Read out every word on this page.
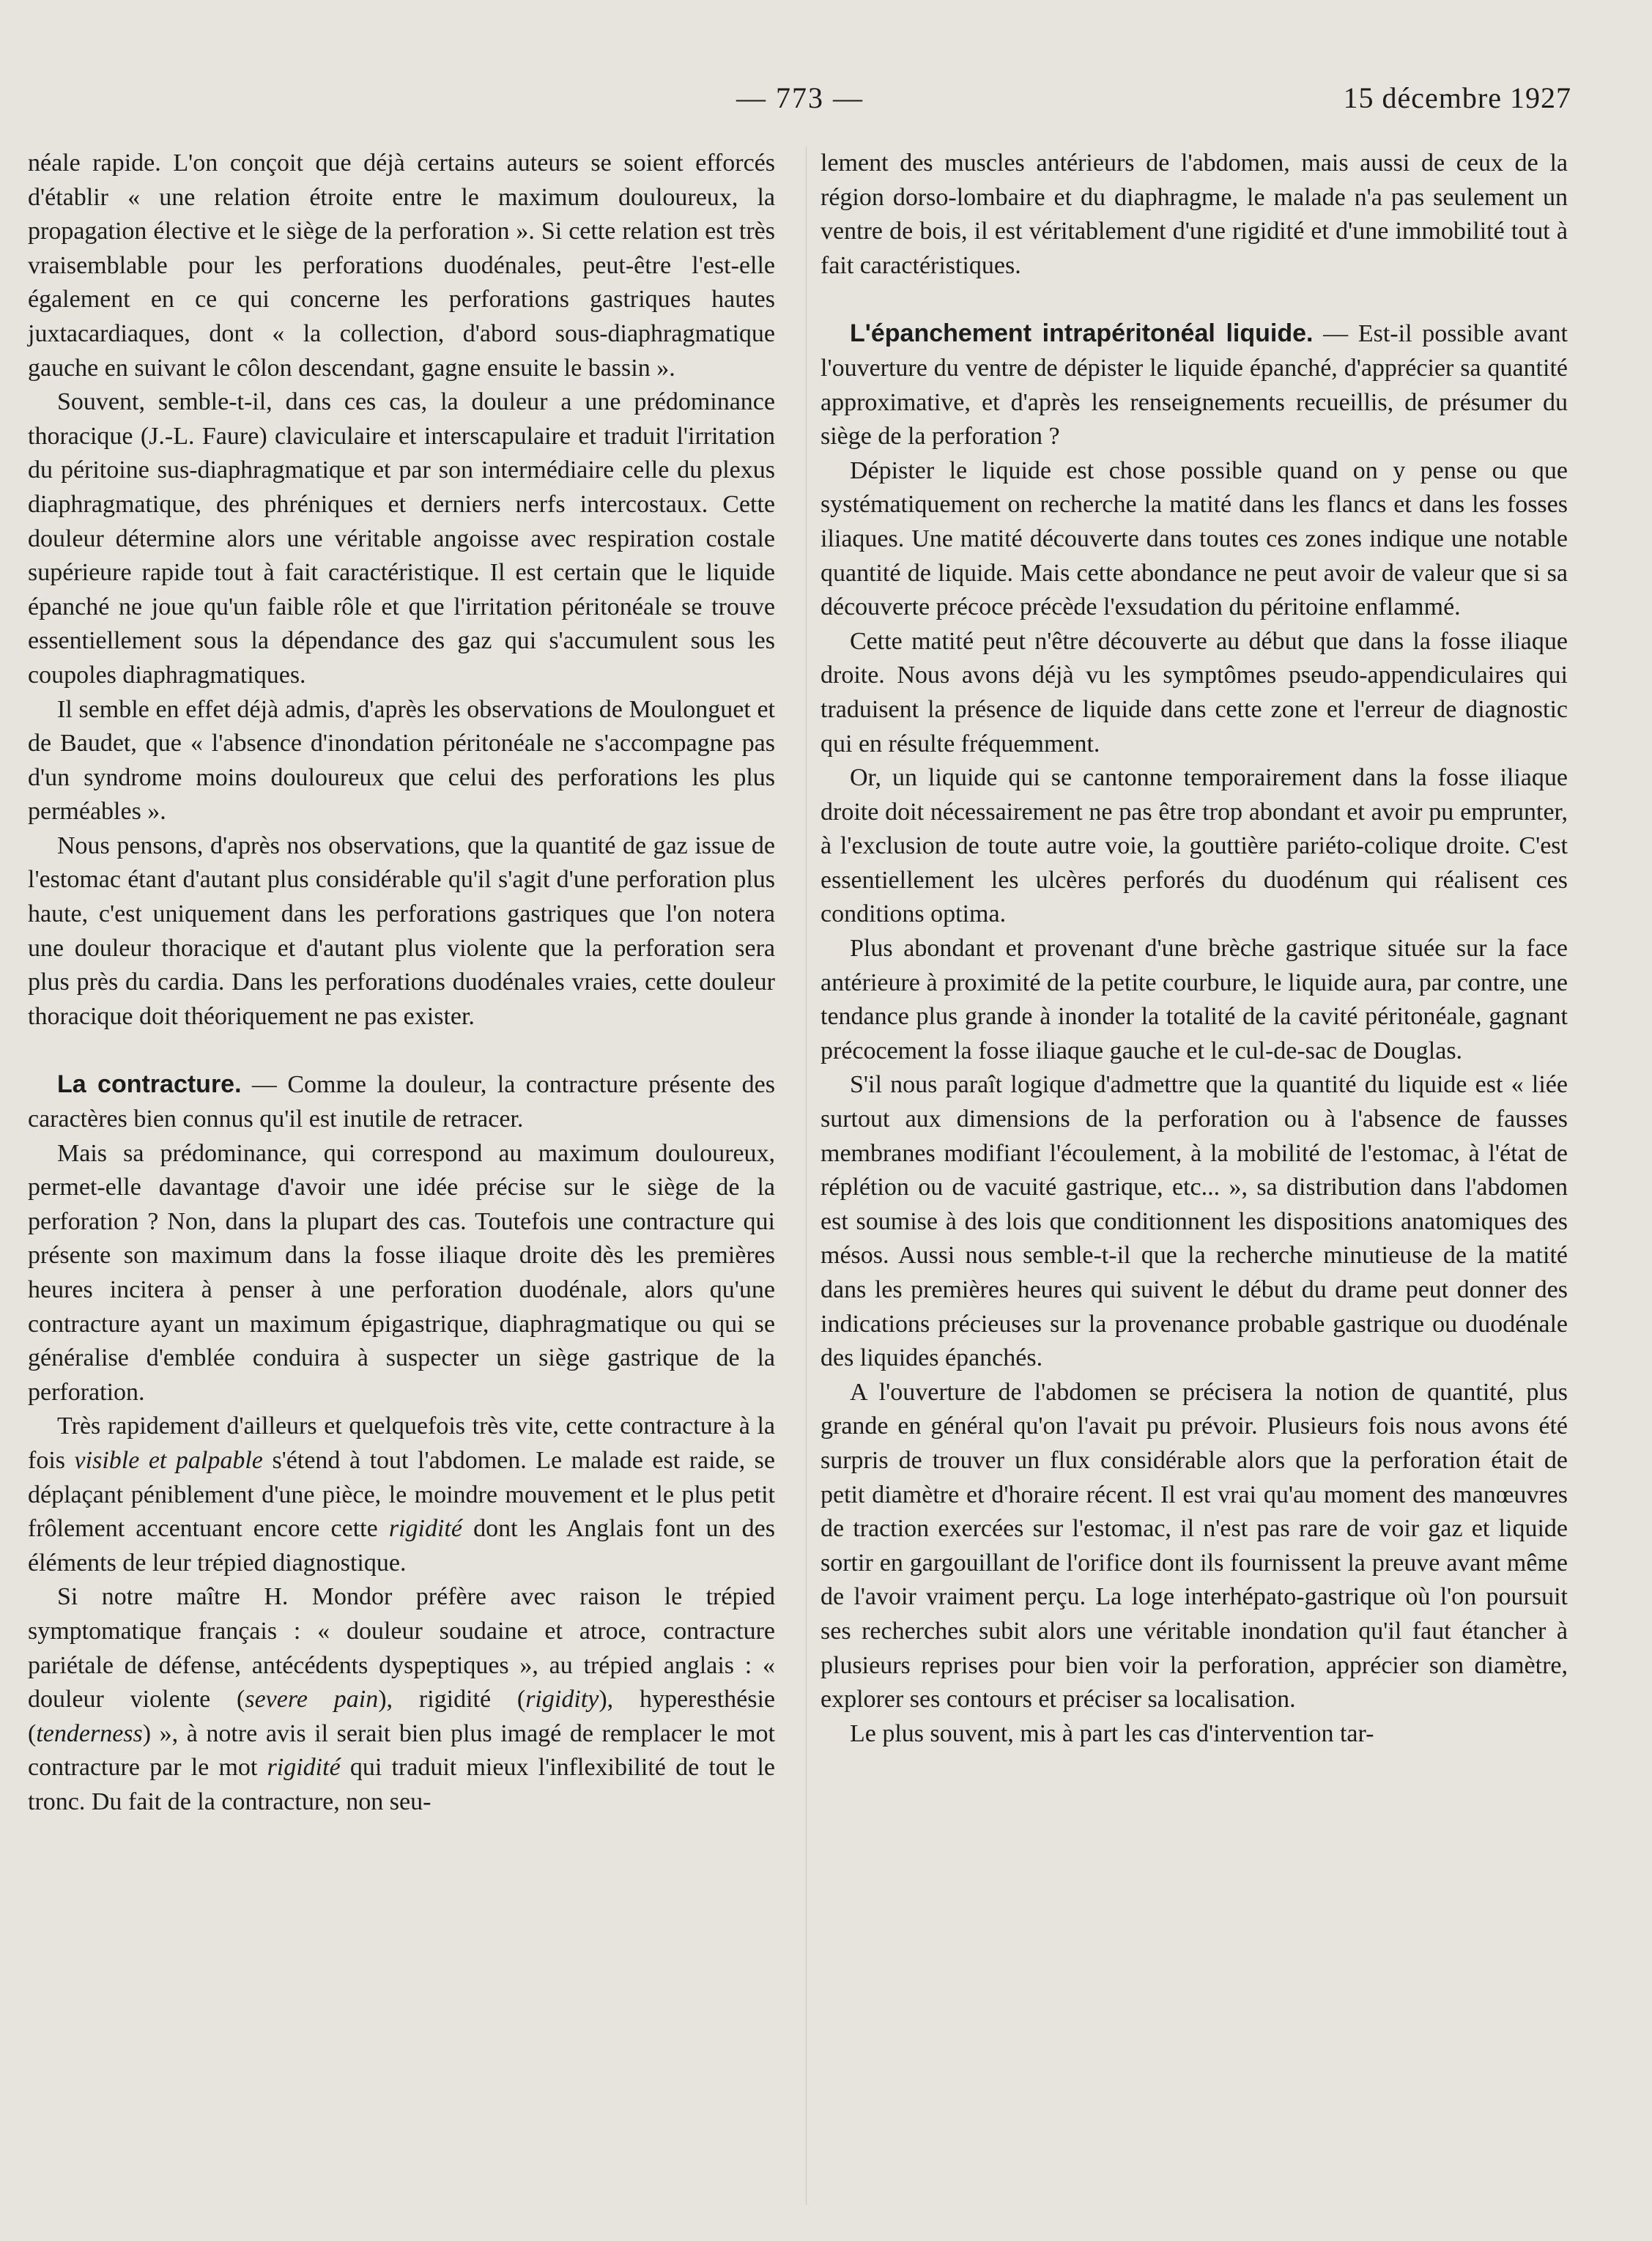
— 773 —	15 décembre 1927

néale rapide. L'on conçoit que déjà certains auteurs se soient efforcés d'établir « une relation étroite entre le maximum douloureux, la propagation élective et le siège de la perforation ». Si cette relation est très vraisemblable pour les perforations duodénales, peut-être l'est-elle également en ce qui concerne les perforations gastriques hautes juxtacardiaques, dont « la collection, d'abord sous-diaphragmatique gauche en suivant le côlon descendant, gagne ensuite le bassin ».

Souvent, semble-t-il, dans ces cas, la douleur a une prédominance thoracique (J.-L. Faure) claviculaire et interscapulaire et traduit l'irritation du péritoine sus-diaphragmatique et par son intermédiaire celle du plexus diaphragmatique, des phréniques et derniers nerfs intercostaux. Cette douleur détermine alors une véritable angoisse avec respiration costale supérieure rapide tout à fait caractéristique. Il est certain que le liquide épanché ne joue qu'un faible rôle et que l'irritation péritonéale se trouve essentiellement sous la dépendance des gaz qui s'accumulent sous les coupoles diaphragmatiques.

Il semble en effet déjà admis, d'après les observations de Moulonguet et de Baudet, que « l'absence d'inondation péritonéale ne s'accompagne pas d'un syndrome moins douloureux que celui des perforations les plus perméables ».

Nous pensons, d'après nos observations, que la quantité de gaz issue de l'estomac étant d'autant plus considérable qu'il s'agit d'une perforation plus haute, c'est uniquement dans les perforations gastriques que l'on notera une douleur thoracique et d'autant plus violente que la perforation sera plus près du cardia. Dans les perforations duodénales vraies, cette douleur thoracique doit théoriquement ne pas exister.

La contracture. — Comme la douleur, la contracture présente des caractères bien connus qu'il est inutile de retracer.

Mais sa prédominance, qui correspond au maximum douloureux, permet-elle davantage d'avoir une idée précise sur le siège de la perforation ? Non, dans la plupart des cas. Toutefois une contracture qui présente son maximum dans la fosse iliaque droite dès les premières heures incitera à penser à une perforation duodénale, alors qu'une contracture ayant un maximum épigastrique, diaphragmatique ou qui se généralise d'emblée conduira à suspecter un siège gastrique de la perforation.

Très rapidement d'ailleurs et quelquefois très vite, cette contracture à la fois visible et palpable s'étend à tout l'abdomen. Le malade est raide, se déplaçant péniblement d'une pièce, le moindre mouvement et le plus petit frôlement accentuant encore cette rigidité dont les Anglais font un des éléments de leur trépied diagnostique.

Si notre maître H. Mondor préfère avec raison le trépied symptomatique français : « douleur soudaine et atroce, contracture pariétale de défense, antécédents dyspeptiques », au trépied anglais : « douleur violente (severe pain), rigidité (rigidity), hyperesthésie (tenderness) », à notre avis il serait bien plus imagé de remplacer le mot contracture par le mot rigidité qui traduit mieux l'inflexibilité de tout le tronc. Du fait de la contracture, non seu-

lement des muscles antérieurs de l'abdomen, mais aussi de ceux de la région dorso-lombaire et du diaphragme, le malade n'a pas seulement un ventre de bois, il est véritablement d'une rigidité et d'une immobilité tout à fait caractéristiques.

L'épanchement intrapéritonéal liquide. — Est-il possible avant l'ouverture du ventre de dépister le liquide épanché, d'apprécier sa quantité approximative, et d'après les renseignements recueillis, de présumer du siège de la perforation ?

Dépister le liquide est chose possible quand on y pense ou que systématiquement on recherche la matité dans les flancs et dans les fosses iliaques. Une matité découverte dans toutes ces zones indique une notable quantité de liquide. Mais cette abondance ne peut avoir de valeur que si sa découverte précoce précède l'exsudation du péritoine enflammé.

Cette matité peut n'être découverte au début que dans la fosse iliaque droite. Nous avons déjà vu les symptômes pseudo-appendiculaires qui traduisent la présence de liquide dans cette zone et l'erreur de diagnostic qui en résulte fréquemment.

Or, un liquide qui se cantonne temporairement dans la fosse iliaque droite doit nécessairement ne pas être trop abondant et avoir pu emprunter, à l'exclusion de toute autre voie, la gouttière pariéto-colique droite. C'est essentiellement les ulcères perforés du duodénum qui réalisent ces conditions optima.

Plus abondant et provenant d'une brèche gastrique située sur la face antérieure à proximité de la petite courbure, le liquide aura, par contre, une tendance plus grande à inonder la totalité de la cavité péritonéale, gagnant précocement la fosse iliaque gauche et le cul-de-sac de Douglas.

S'il nous paraît logique d'admettre que la quantité du liquide est « liée surtout aux dimensions de la perforation ou à l'absence de fausses membranes modifiant l'écoulement, à la mobilité de l'estomac, à l'état de réplétion ou de vacuité gastrique, etc... », sa distribution dans l'abdomen est soumise à des lois que conditionnent les dispositions anatomiques des mésos. Aussi nous semble-t-il que la recherche minutieuse de la matité dans les premières heures qui suivent le début du drame peut donner des indications précieuses sur la provenance probable gastrique ou duodénale des liquides épanchés.

A l'ouverture de l'abdomen se précisera la notion de quantité, plus grande en général qu'on l'avait pu prévoir. Plusieurs fois nous avons été surpris de trouver un flux considérable alors que la perforation était de petit diamètre et d'horaire récent. Il est vrai qu'au moment des manœuvres de traction exercées sur l'estomac, il n'est pas rare de voir gaz et liquide sortir en gargouillant de l'orifice dont ils fournissent la preuve avant même de l'avoir vraiment perçu. La loge interhépato-gastrique où l'on poursuit ses recherches subit alors une véritable inondation qu'il faut étancher à plusieurs reprises pour bien voir la perforation, apprécier son diamètre, explorer ses contours et préciser sa localisation.

Le plus souvent, mis à part les cas d'intervention tar-
